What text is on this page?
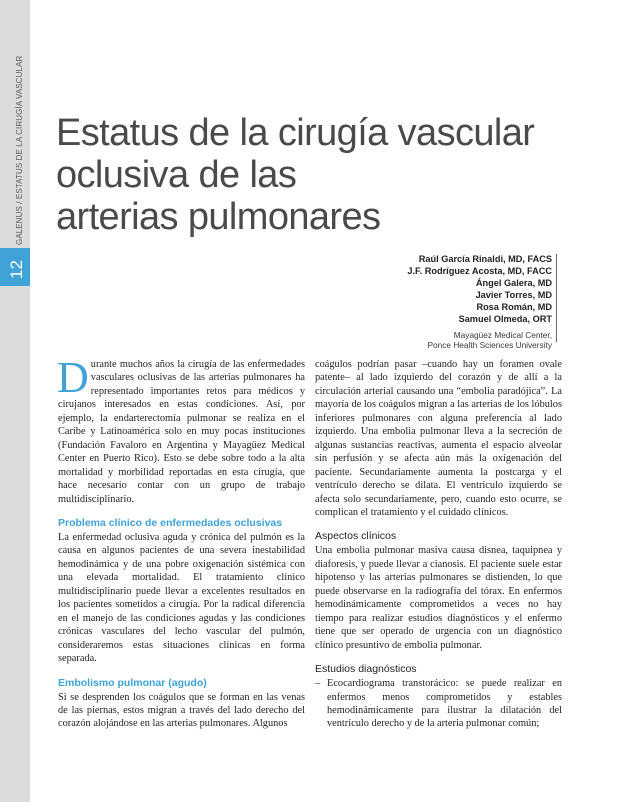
GALENUS / ESTATUS DE LA CIRUGÍA VASCULAR
12
Estatus de la cirugía vascular
oclusiva de las
arterias pulmonares
Raúl García Rinaldi, MD, FACS
J.F. Rodríguez Acosta, MD, FACC
Ángel Galera, MD
Javier Torres, MD
Rosa Román, MD
Samuel Olmeda, ORT
Mayagüez Medical Center,
Ponce Health Sciences University

Durante muchos años la cirugía de las enfermedades vasculares oclusivas de las arterias pulmonares ha representado importantes retos para médicos y cirujanos interesados en estas condiciones. Así, por ejemplo, la endarterectomía pulmonar se realiza en el Caribe y Latinoamérica solo en muy pocas instituciones (Fundación Favaloro en Argentina y Mayagüez Medical Center en Puerto Rico). Esto se debe sobre todo a la alta mortalidad y morbilidad reportadas en esta cirugía, que hace necesario contar con un grupo de trabajo multidisciplinario.

Problema clínico de enfermedades oclusivas

La enfermedad oclusiva aguda y crónica del pulmón es la causa en algunos pacientes de una severa inestabilidad hemodinámica y de una pobre oxigenación sistémica con una elevada mortalidad. El tratamiento clínico multidisciplinario puede llevar a excelentes resultados en los pacientes sometidos a cirugía. Por la radical diferencia en el manejo de las condiciones agudas y las condiciones crónicas vasculares del lecho vascular del pulmón, consideraremos estas situaciones clínicas en forma separada.

Embolismo pulmonar (agudo)

Si se desprenden los coágulos que se forman en las venas de las piernas, estos migran a través del lado derecho del corazón alojándose en las arterias pulmonares. Algunos

coágulos podrían pasar –cuando hay un foramen ovale patente– al lado izquierdo del corazón y de allí a la circulación arterial causando una “embolia paradójica”. La mayoría de los coágulos migran a las arterias de los lóbulos inferiores pulmonares con alguna preferencia al lado izquierdo. Una embolia pulmonar lleva a la secreción de algunas sustancias reactivas, aumenta el espacio alveolar sin perfusión y se afecta aún más la oxigenación del paciente. Secundariamente aumenta la postcarga y el ventrículo derecho se dilata. El ventrículo izquierdo se afecta solo secundariamente, pero, cuando esto ocurre, se complican el tratamiento y el cuidado clínicos.

Aspectos clínicos

Una embolia pulmonar masiva causa disnea, taquipnea y diaforesis, y puede llevar a cianosis. El paciente suele estar hipotenso y las arterias pulmonares se distienden, lo que puede observarse en la radiografía del tórax. En enfermos hemodinámicamente comprometidos a veces no hay tiempo para realizar estudios diagnósticos y el enfermo tiene que ser operado de urgencia con un diagnóstico clínico presuntivo de embolia pulmonar.

Estudios diagnósticos

– Ecocardiograma transtorácico: se puede realizar en enfermos menos comprometidos y estables hemodinámicamente para ilustrar la dilatación del ventrículo derecho y de la arteria pulmonar común;
